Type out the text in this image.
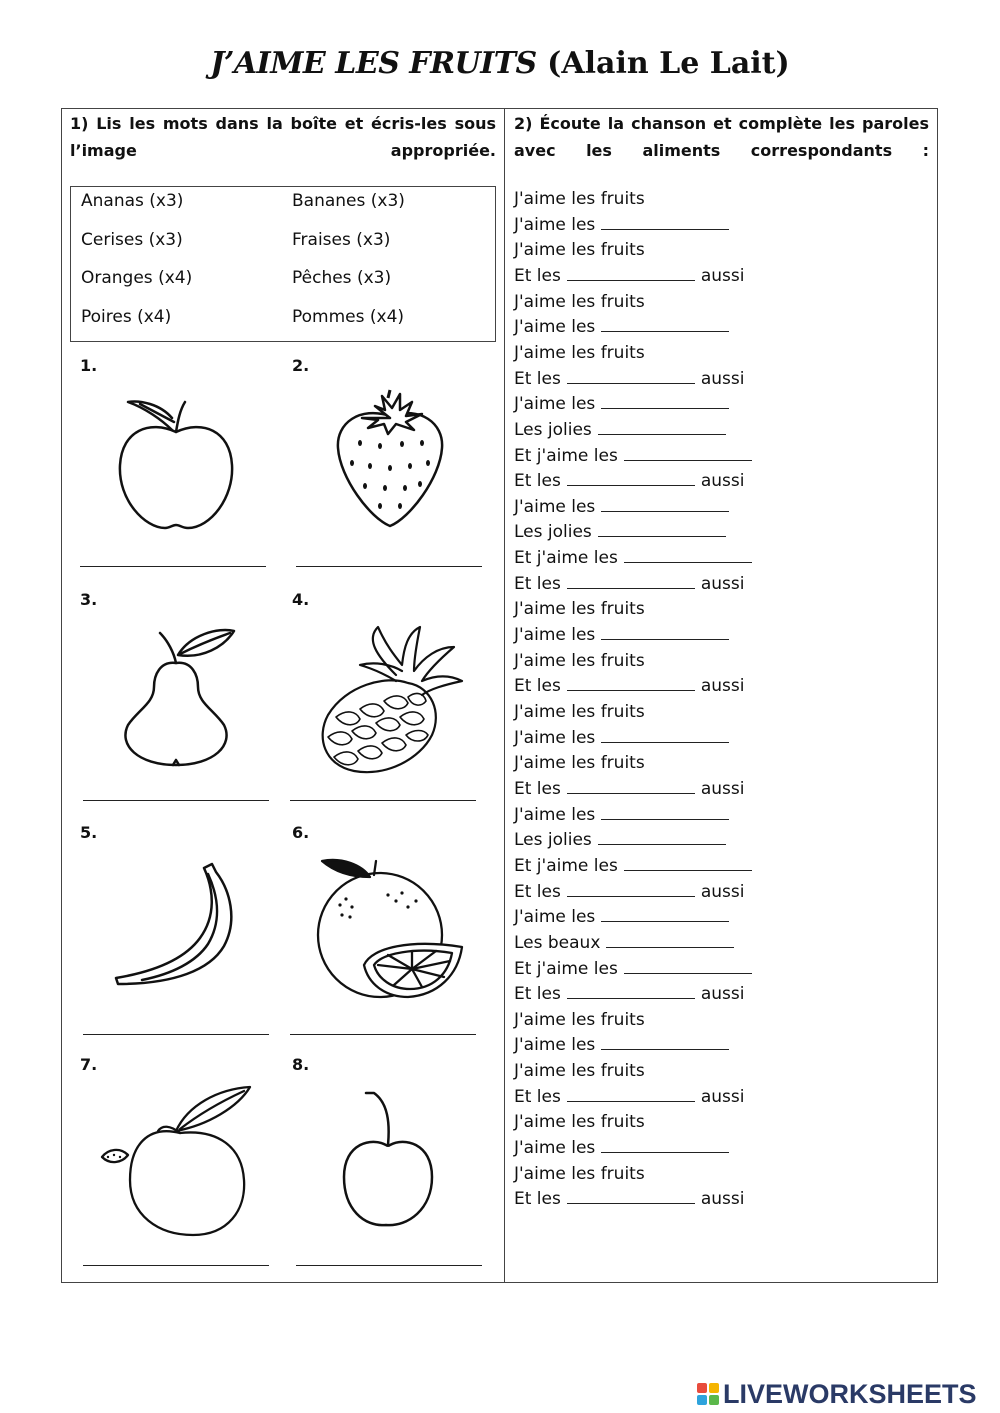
J’AIME LES FRUITS (Alain Le Lait)
1) Lis les mots dans la boîte et écris-les sous l’image appropriée.
Ananas (x3)	Bananes (x3)
Cerises (x3)	Fraises (x3)
Oranges (x4)	Pêches (x3)
Poires (x4)	Pommes (x4)
1.	2.
3.	4.
5.	6.
7.	8.
2) Écoute la chanson et complète les paroles avec les aliments correspondants :
J'aime les fruits
J'aime les
J'aime les fruits
Et les	aussi
J'aime les fruits
J'aime les
J'aime les fruits
Et les	aussi
J'aime les
Les jolies
Et j'aime les
Et les	aussi
J'aime les
Les jolies
Et j'aime les
Et les	aussi
J'aime les fruits
J'aime les
J'aime les fruits
Et les	aussi
J'aime les fruits
J'aime les
J'aime les fruits
Et les	aussi
J'aime les
Les jolies
Et j'aime les
Et les	aussi
J'aime les
Les beaux
Et j'aime les
Et les	aussi
J'aime les fruits
J'aime les
J'aime les fruits
Et les	aussi
J'aime les fruits
J'aime les
J'aime les fruits
Et les	aussi
LIVEWORKSHEETS
